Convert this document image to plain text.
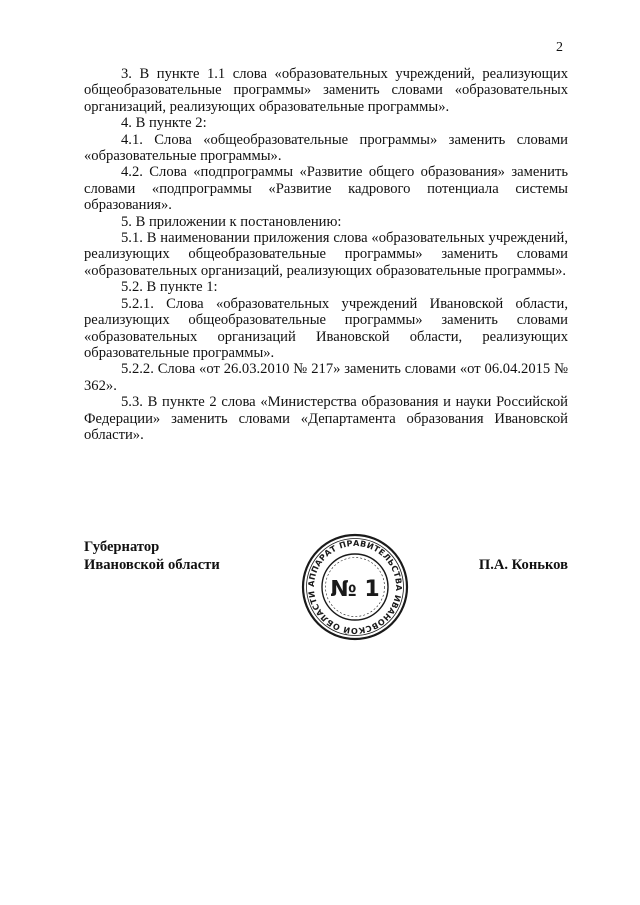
2

3. В пункте 1.1 слова «образовательных учреждений, реализующих общеобразовательные программы» заменить словами «образовательных организаций, реализующих образовательные программы».

4. В пункте 2:

4.1. Слова «общеобразовательные программы» заменить словами «образовательные программы».

4.2. Слова «подпрограммы «Развитие общего образования» заменить словами «подпрограммы «Развитие кадрового потенциала системы образования».

5. В приложении к постановлению:

5.1. В наименовании приложения слова «образовательных учреждений, реализующих общеобразовательные программы» заменить словами «образовательных организаций, реализующих образовательные программы».

5.2. В пункте 1:

5.2.1. Слова «образовательных учреждений Ивановской области, реализующих общеобразовательные программы» заменить словами «образовательных организаций Ивановской области, реализующих образовательные программы».

5.2.2. Слова «от 26.03.2010 № 217» заменить словами «от 06.04.2015 № 362».

5.3. В пункте 2 слова «Министерства образования и науки Российской Федерации» заменить словами «Департамента образования Ивановской области».

Губернатор
Ивановской области
АППАРАТ ПРАВИТЕЛЬСТВА ИВАНОВСКОЙ ОБЛАСТИ № 1
П.А. Коньков
